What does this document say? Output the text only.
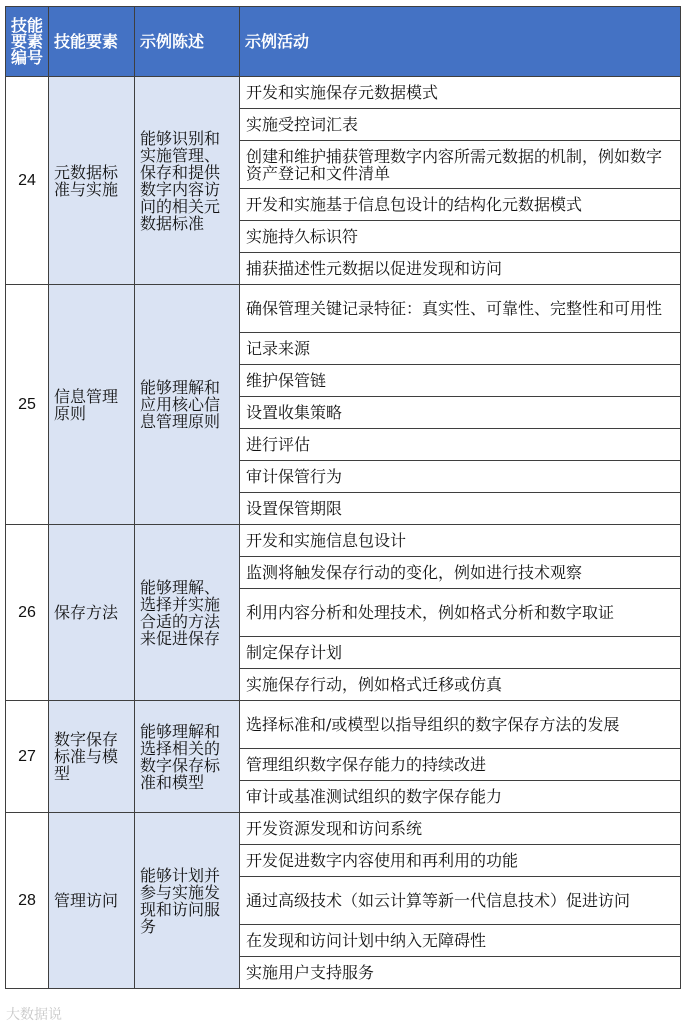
技能要素编号	技能要素	示例陈述	示例活动
24	元数据标准与实施	能够识别和实施管理、保存和提供数字内容访问的相关元数据标准	开发和实施保存元数据模式
			实施受控词汇表
			创建和维护捕获管理数字内容所需元数据的机制，例如数字资产登记和文件清单
			开发和实施基于信息包设计的结构化元数据模式
			实施持久标识符
			捕获描述性元数据以促进发现和访问
25	信息管理原则	能够理解和应用核心信息管理原则	确保管理关键记录特征：真实性、可靠性、完整性和可用性
			记录来源
			维护保管链
			设置收集策略
			进行评估
			审计保管行为
			设置保管期限
26	保存方法	能够理解、选择并实施合适的方法来促进保存	开发和实施信息包设计
			监测将触发保存行动的变化，例如进行技术观察
			利用内容分析和处理技术，例如格式分析和数字取证
			制定保存计划
			实施保存行动，例如格式迁移或仿真
27	数字保存标准与模型	能够理解和选择相关的数字保存标准和模型	选择标准和/或模型以指导组织的数字保存方法的发展
			管理组织数字保存能力的持续改进
			审计或基准测试组织的数字保存能力
28	管理访问	能够计划并参与实施发现和访问服务	开发资源发现和访问系统
			开发促进数字内容使用和再利用的功能
			通过高级技术（如云计算等新一代信息技术）促进访问
			在发现和访问计划中纳入无障碍性
			实施用户支持服务
大数据说
